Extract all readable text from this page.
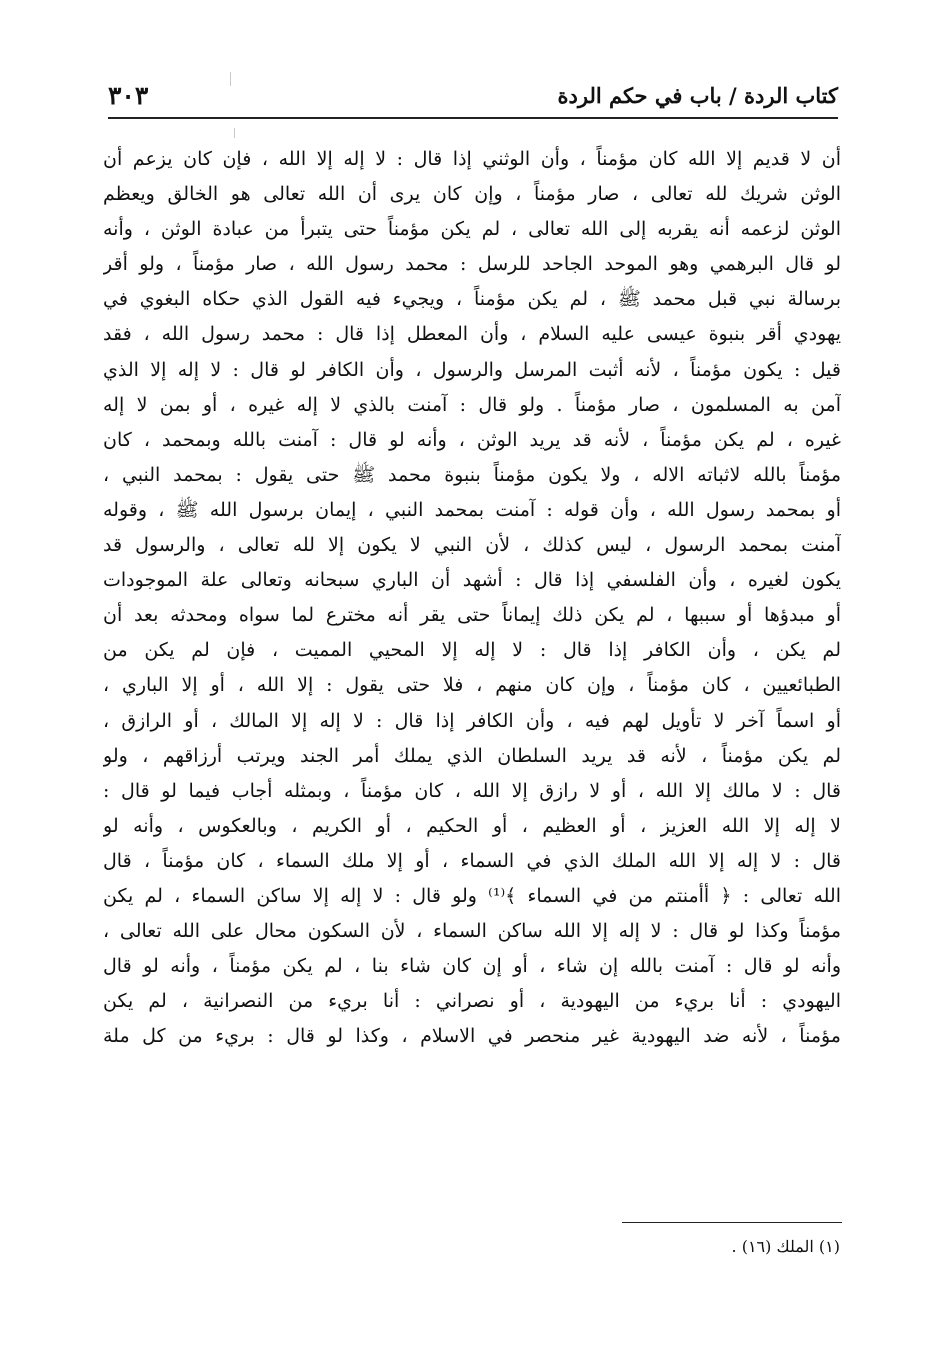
كتاب الردة / باب في حكم الردة
٣٠٣
أن لا قديم إلا الله كان مؤمناً ، وأن الوثني إذا قال : لا إله إلا الله ، فإن كان يزعم أن
الوثن شريك لله تعالى ، صار مؤمناً ، وإن كان يرى أن الله تعالى هو الخالق ويعظم
الوثن لزعمه أنه يقربه إلى الله تعالى ، لم يكن مؤمناً حتى يتبرأ من عبادة الوثن ، وأنه
لو قال البرهمي وهو الموحد الجاحد للرسل : محمد رسول الله ، صار مؤمناً ، ولو أقر
برسالة نبي قبل محمد ﷺ ، لم يكن مؤمناً ، ويجيء فيه القول الذي حكاه البغوي في
يهودي أقر بنبوة عيسى عليه السلام ، وأن المعطل إذا قال : محمد رسول الله ، فقد
قيل : يكون مؤمناً ، لأنه أثبت المرسل والرسول ، وأن الكافر لو قال : لا إله إلا الذي
آمن به المسلمون ، صار مؤمناً . ولو قال : آمنت بالذي لا إله غيره ، أو بمن لا إله
غيره ، لم يكن مؤمناً ، لأنه قد يريد الوثن ، وأنه لو قال : آمنت بالله وبمحمد ، كان
مؤمناً بالله لاثباته الاله ، ولا يكون مؤمناً بنبوة محمد ﷺ حتى يقول : بمحمد النبي ،
أو بمحمد رسول الله ، وأن قوله : آمنت بمحمد النبي ، إيمان برسول الله ﷺ ، وقوله
آمنت بمحمد الرسول ، ليس كذلك ، لأن النبي لا يكون إلا لله تعالى ، والرسول قد
يكون لغيره ، وأن الفلسفي إذا قال : أشهد أن الباري سبحانه وتعالى علة الموجودات
أو مبدؤها أو سببها ، لم يكن ذلك إيماناً حتى يقر أنه مخترع لما سواه ومحدثه بعد أن
لم يكن ، وأن الكافر إذا قال : لا إله إلا المحيي المميت ، فإن لم يكن من
الطبائعيين ، كان مؤمناً ، وإن كان منهم ، فلا حتى يقول : إلا الله ، أو إلا الباري ،
أو اسماً آخر لا تأويل لهم فيه ، وأن الكافر إذا قال : لا إله إلا المالك ، أو الرازق ،
لم يكن مؤمناً ، لأنه قد يريد السلطان الذي يملك أمر الجند ويرتب أرزاقهم ، ولو
قال : لا مالك إلا الله ، أو لا رازق إلا الله ، كان مؤمناً ، وبمثله أجاب فيما لو قال :
لا إله إلا الله العزيز ، أو العظيم ، أو الحكيم ، أو الكريم ، وبالعكوس ، وأنه لو
قال : لا إله إلا الله الملك الذي في السماء ، أو إلا ملك السماء ، كان مؤمناً ، قال
الله تعالى : ﴿ أأمنتم من في السماء ﴾⁽¹⁾ ولو قال : لا إله إلا ساكن السماء ، لم يكن
مؤمناً وكذا لو قال : لا إله إلا الله ساكن السماء ، لأن السكون محال على الله تعالى ،
وأنه لو قال : آمنت بالله إن شاء ، أو إن كان شاء بنا ، لم يكن مؤمناً ، وأنه لو قال
اليهودي : أنا بريء من اليهودية ، أو نصراني : أنا بريء من النصرانية ، لم يكن
مؤمناً ، لأنه ضد اليهودية غير منحصر في الاسلام ، وكذا لو قال : بريء من كل ملة
(١) الملك (١٦) .
